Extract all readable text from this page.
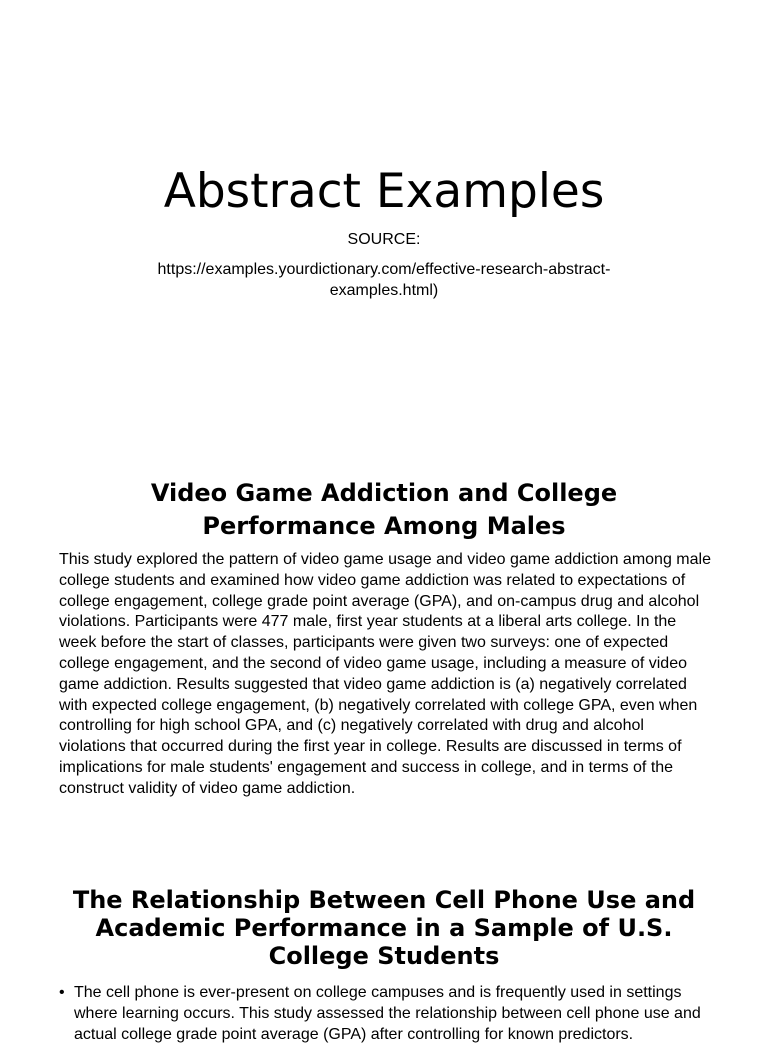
Abstract Examples
SOURCE:
https://examples.yourdictionary.com/effective-research-abstract-examples.html)
Video Game Addiction and College Performance Among Males

This study explored the pattern of video game usage and video game addiction among male college students and examined how video game addiction was related to expectations of college engagement, college grade point average (GPA), and on-campus drug and alcohol violations. Participants were 477 male, first year students at a liberal arts college. In the week before the start of classes, participants were given two surveys: one of expected college engagement, and the second of video game usage, including a measure of video game addiction. Results suggested that video game addiction is (a) negatively correlated with expected college engagement, (b) negatively correlated with college GPA, even when controlling for high school GPA, and (c) negatively correlated with drug and alcohol violations that occurred during the first year in college. Results are discussed in terms of implications for male students' engagement and success in college, and in terms of the construct validity of video game addiction.

The Relationship Between Cell Phone Use and Academic Performance in a Sample of U.S. College Students
• The cell phone is ever-present on college campuses and is frequently used in settings where learning occurs. This study assessed the relationship between cell phone use and actual college grade point average (GPA) after controlling for known predictors.
